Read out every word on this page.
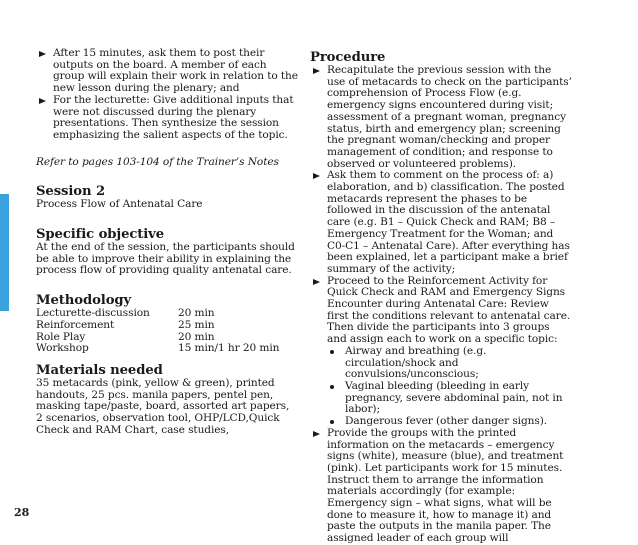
After 15 minutes, ask them to post their outputs on the board. A member of each group will explain their work in relation to the new lesson during the plenary; and
For the lecturette: Give additional inputs that were not discussed during the plenary presentations. Then synthesize the session emphasizing the salient aspects of the topic.
Refer to pages 103-104 of the Trainer’s Notes
Session 2
Process Flow of Antenatal Care
Specific objective
At the end of the session, the participants should be able to improve their ability in explaining the process flow of providing quality antenatal care.
Methodology
Lecturette-discussion	20 min
Reinforcement	25 min
Role Play	20 min
Workshop	15 min/1 hr 20 min
Materials needed
35 metacards (pink, yellow & green), printed handouts, 25 pcs. manila papers, pentel pen, masking tape/paste, board, assorted art papers, 2 scenarios, observation tool, OHP/LCD,Quick Check and RAM Chart, case studies,
Procedure
Recapitulate the previous session with the use of metacards to check on the participants’ comprehension of Process Flow (e.g. emergency signs encountered during visit; assessment of a pregnant woman, pregnancy status, birth and emergency plan; screening the pregnant woman/checking and proper management of condition; and response to observed or volunteered problems).
Ask them to comment on the process of: a) elaboration, and b) classification. The posted metacards represent the phases to be followed in the discussion of the antenatal care (e.g. B1 – Quick Check and RAM; B8 – Emergency Treatment for the Woman; and C0-C1 – Antenatal Care). After everything has been explained, let a participant make a brief summary of the activity;
Proceed to the Reinforcement Activity for Quick Check and RAM and Emergency Signs Encounter during Antenatal Care: Review first the conditions relevant to antenatal care. Then divide the participants into 3 groups and assign each to work on a specific topic:
Airway and breathing (e.g. circulation/shock and convulsions/unconscious;
Vaginal bleeding (bleeding in early pregnancy, severe abdominal pain, not in labor);
Dangerous fever (other danger signs).
Provide the groups with the printed information on the metacards – emergency signs (white), measure (blue), and treatment (pink). Let participants work for 15 minutes. Instruct them to arrange the information materials accordingly (for example: Emergency sign – what signs, what will be done to measure it, how to manage it) and paste the outputs in the manila paper. The assigned leader of each group will
28
